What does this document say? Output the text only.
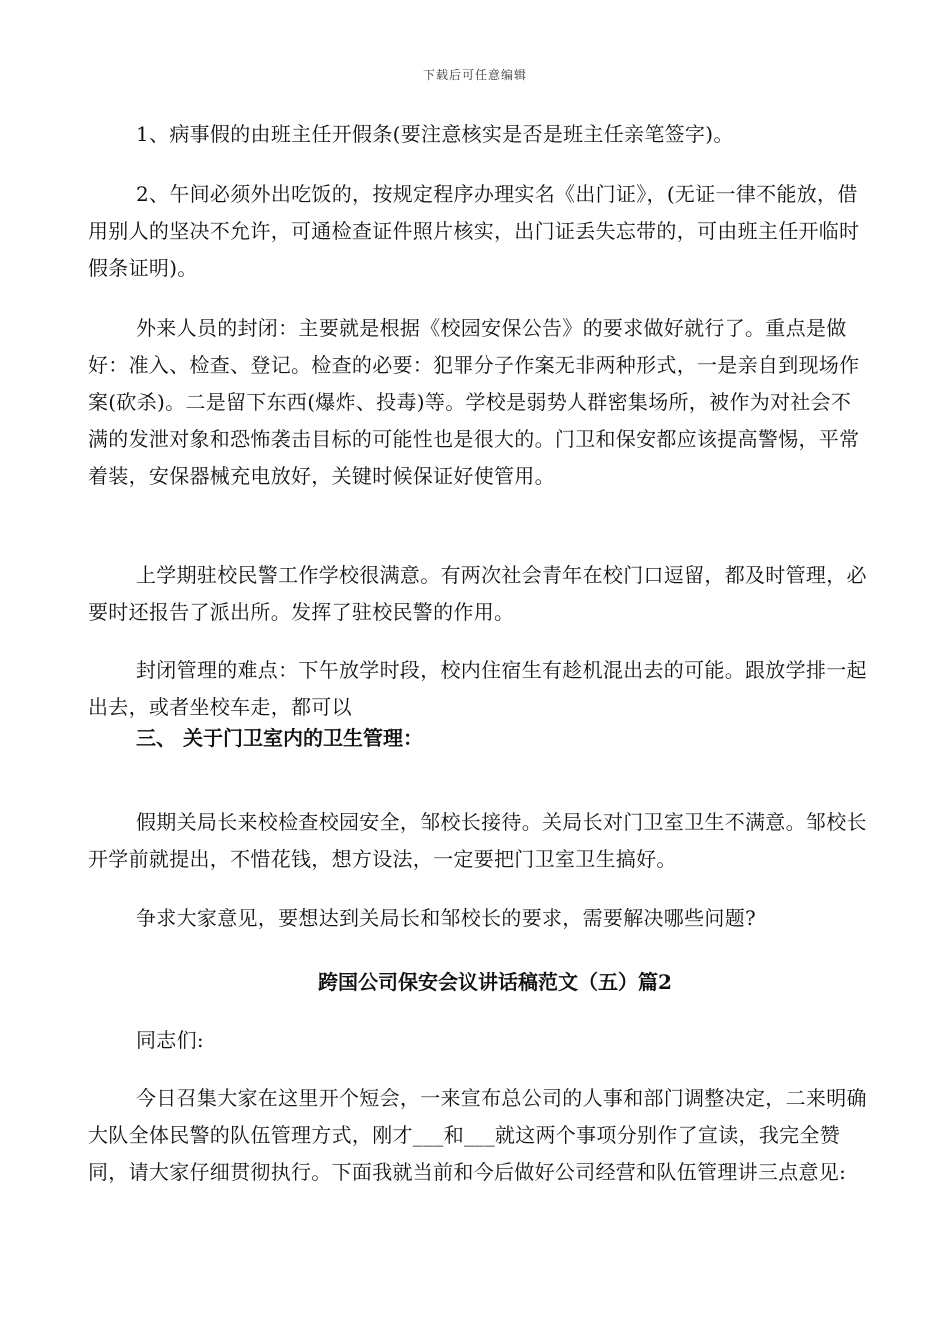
下载后可任意编辑

1、病事假的由班主任开假条(要注意核实是否是班主任亲笔签字)。

2、午间必须外出吃饭的，按规定程序办理实名《出门证》，(无证一律不能放，借用别人的坚决不允许，可通检查证件照片核实，出门证丢失忘带的，可由班主任开临时假条证明)。

外来人员的封闭：主要就是根据《校园安保公告》的要求做好就行了。重点是做好：准入、检查、登记。检查的必要：犯罪分子作案无非两种形式，一是亲自到现场作案(砍杀)。二是留下东西(爆炸、投毒)等。学校是弱势人群密集场所，被作为对社会不满的发泄对象和恐怖袭击目标的可能性也是很大的。门卫和保安都应该提高警惕，平常着装，安保器械充电放好，关键时候保证好使管用。

上学期驻校民警工作学校很满意。有两次社会青年在校门口逗留，都及时管理，必要时还报告了派出所。发挥了驻校民警的作用。

封闭管理的难点：下午放学时段，校内住宿生有趁机混出去的可能。跟放学排一起出去，或者坐校车走，都可以

三、 关于门卫室内的卫生管理：

假期关局长来校检查校园安全，邹校长接待。关局长对门卫室卫生不满意。邹校长开学前就提出，不惜花钱，想方设法，一定要把门卫室卫生搞好。

争求大家意见，要想达到关局长和邹校长的要求，需要解决哪些问题?

跨国公司保安会议讲话稿范文（五）篇2

同志们:

今日召集大家在这里开个短会，一来宣布总公司的人事和部门调整决定，二来明确大队全体民警的队伍管理方式，刚才___和___就这两个事项分别作了宣读，我完全赞同，请大家仔细贯彻执行。下面我就当前和今后做好公司经营和队伍管理讲三点意见:
